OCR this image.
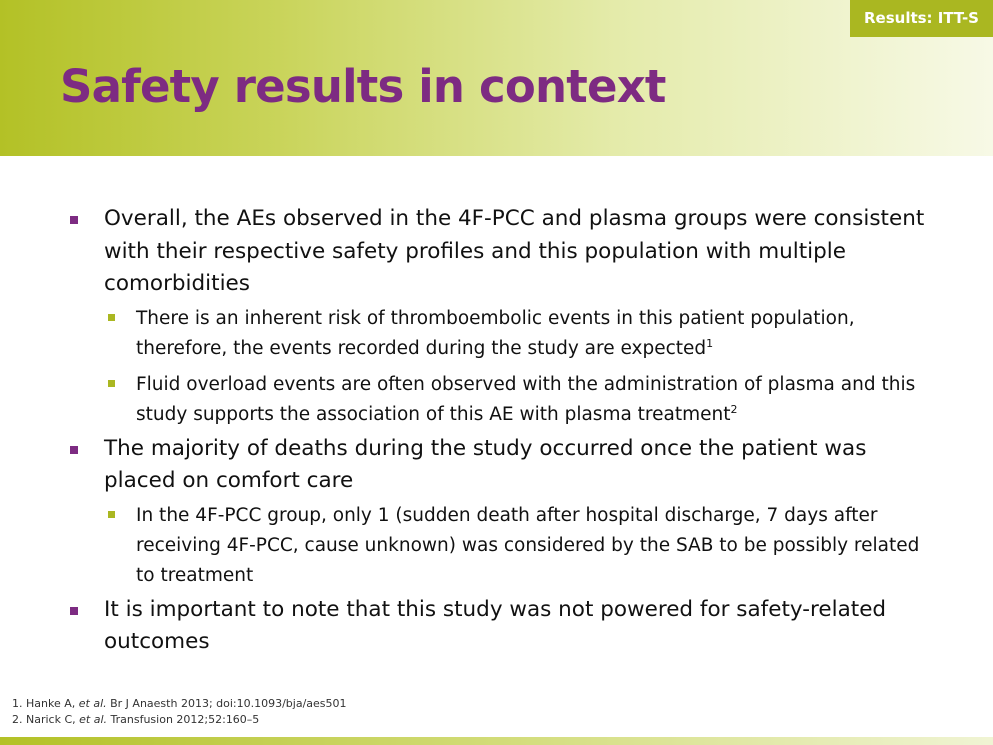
Results: ITT-S
Safety results in context

Overall, the AEs observed in the 4F-PCC and plasma groups were consistent with their respective safety profiles and this population with multiple comorbidities

There is an inherent risk of thromboembolic events in this patient population, therefore, the events recorded during the study are expected$^1$

Fluid overload events are often observed with the administration of plasma and this study supports the association of this AE with plasma treatment$^2$

The majority of deaths during the study occurred once the patient was placed on comfort care

In the 4F-PCC group, only 1 (sudden death after hospital discharge, 7 days after receiving 4F-PCC, cause unknown) was considered by the SAB to be possibly related to treatment

It is important to note that this study was not powered for safety-related outcomes

1. Hanke A, et al. Br J Anaesth 2013; doi:10.1093/bja/aes501
2. Narick C, et al. Transfusion 2012;52:160–5
